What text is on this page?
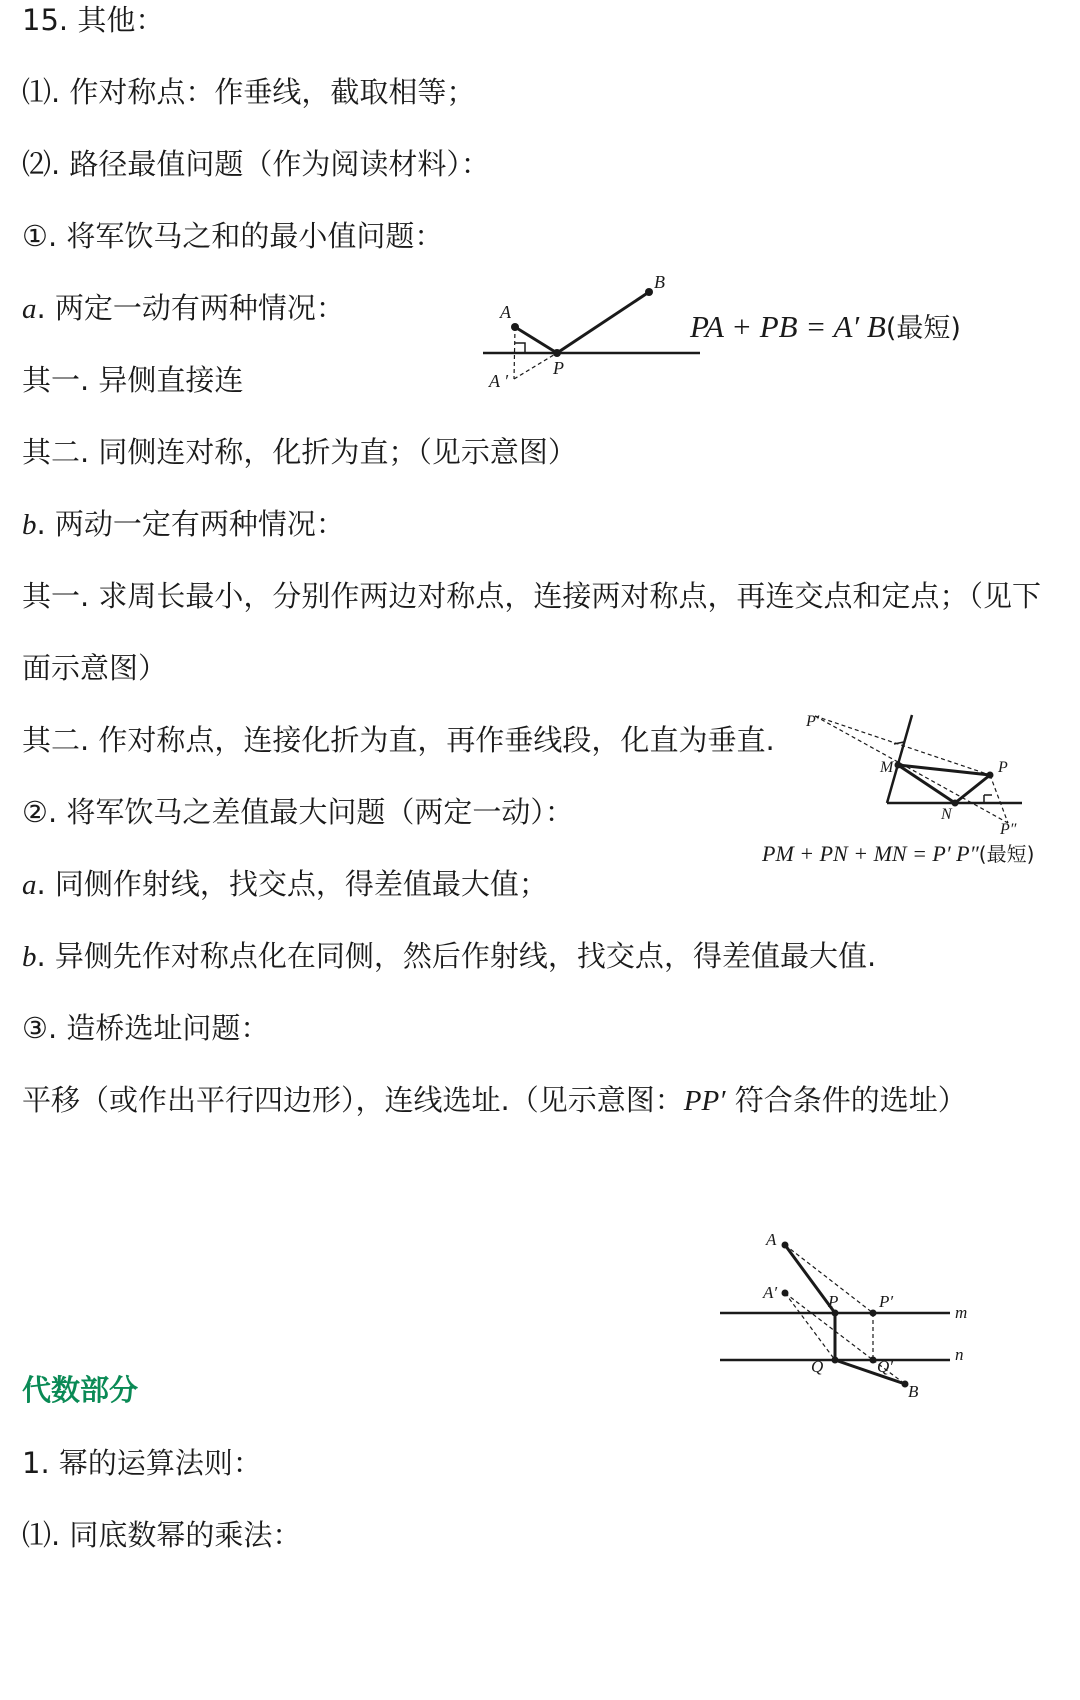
15. 其他：

⑴. 作对称点：作垂线，截取相等；

⑵. 路径最值问题（作为阅读材料）：

①. 将军饮马之和的最小值问题：

a. 两定一动有两种情况：

其一. 异侧直接连

其二. 同侧连对称，化折为直；（见示意图）

b. 两动一定有两种情况：

其一. 求周长最小，分别作两边对称点，连接两对称点，再连交点和定点；（见下

面示意图）

其二. 作对称点，连接化折为直，再作垂线段，化直为垂直.

②. 将军饮马之差值最大问题（两定一动）：

a. 同侧作射线，找交点，得差值最大值；

b. 异侧先作对称点化在同侧，然后作射线，找交点，得差值最大值.

③. 造桥选址问题：

平移（或作出平行四边形），连线选址.（见示意图：PP′ 符合条件的选址）

代数部分

1. 幂的运算法则：

⑴. 同底数幂的乘法：

A
B
P
A ′
PA + PB = A′ B(最短)
P′
M	P
N
P″
PM + PN + MN = P′ P″(最短)
A
A′	P P′
m
Q	Q′
n
B
